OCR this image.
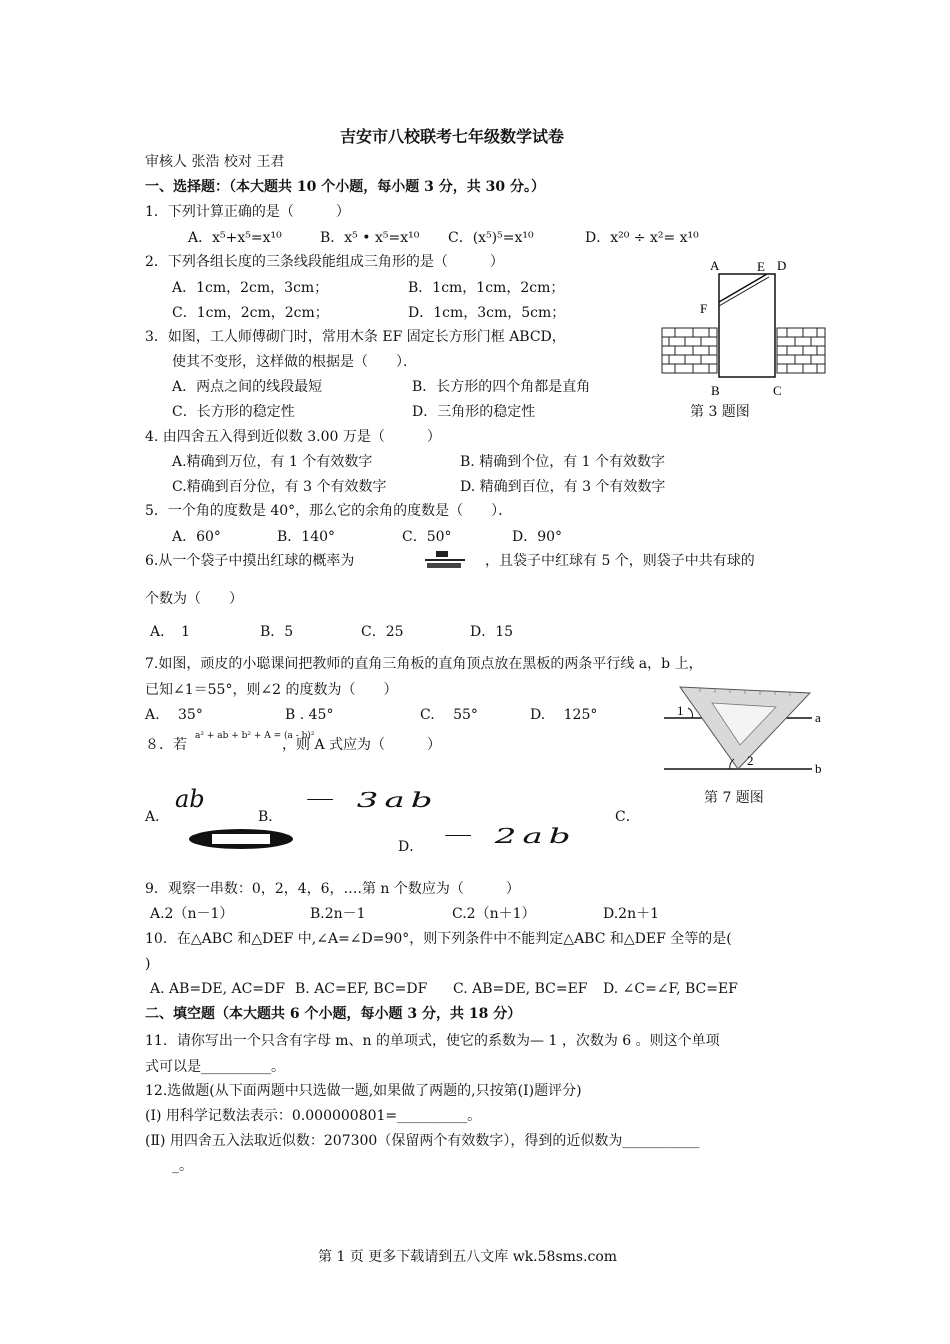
吉安市八校联考七年级数学试卷
审核人 张浩 校对 王君
一、选择题：（本大题共 10 个小题，每小题 3 分，共 30 分。）
1．下列计算正确的是（　　　）
A．x⁵+x⁵=x¹⁰	B．x⁵ • x⁵=x¹⁰ C．(x⁵)⁵=x¹⁰	D．x²⁰ ÷ x²= x¹⁰
2．下列各组长度的三条线段能组成三角形的是（　　　）
A．1cm，2cm，3cm；	B．1cm，1cm，2cm；
C．1cm，2cm，2cm；	D．1cm，3cm，5cm；
3．如图，工人师傅砌门时，常用木条 EF 固定长方形门框 ABCD，
使其不变形，这样做的根据是（　　）．
A．两点之间的线段最短	B．长方形的四个角都是直角
C．长方形的稳定性	D．三角形的稳定性
A	E D
F
B	C
第 3 题图
4. 由四舍五入得到近似数 3.00 万是（　　　）
A.精确到万位，有 1 个有效数字	B. 精确到个位，有 1 个有效数字
C.精确到百分位，有 3 个有效数字	D. 精确到百位，有 3 个有效数字
5．一个角的度数是 40°，那么它的余角的度数是（　　）．
A．60°	B．140°	C．50°	D．90°
6.从一个袋子中摸出红球的概率为	，且袋子中红球有 5 个，则袋子中共有球的
个数为（　　）
A．　1	B．5	C．25	D．15
7.如图，顽皮的小聪课间把教师的直角三角板的直角顶点放在黑板的两条平行线 a，b 上，
已知∠1＝55°，则∠2 的度数为（　　）
A.　 35°	B . 45°	C.　 55°	D.　 125°	1
2
a
b
第 7 题图
８．若
a² + ab + b² + A = (a - b)²
，则 A 式应为（　　　）
A．
ab
B．
－ 3ab
C．
D． － 2ab
9．观察一串数：0，2，4，6，….第 n 个数应为（　　　）
A.2（n－1）	B.2n－1	C.2（n＋1）	D.2n＋1
10．在△ABC 和△DEF 中,∠A=∠D=90°，则下列条件中不能判定△ABC 和△DEF 全等的是(
)
A. AB=DE, AC=DF B. AC=EF, BC=DF C. AB=DE, BC=EF D. ∠C=∠F, BC=EF
二、填空题（本大题共 6 个小题，每小题 3 分，共 18 分）
11．请你写出一个只含有字母 m、n 的单项式，使它的系数为— 1 ，次数为 6 。则这个单项
式可以是__________。
12.选做题(从下面两题中只选做一题,如果做了两题的,只按第(Ⅰ)题评分)
(Ⅰ) 用科学记数法表示：0.000000801=__________。
(Ⅱ) 用四舍五入法取近似数：207300（保留两个有效数字），得到的近似数为___________
_。
第 1 页 更多下载请到五八文库 wk.58sms.com
